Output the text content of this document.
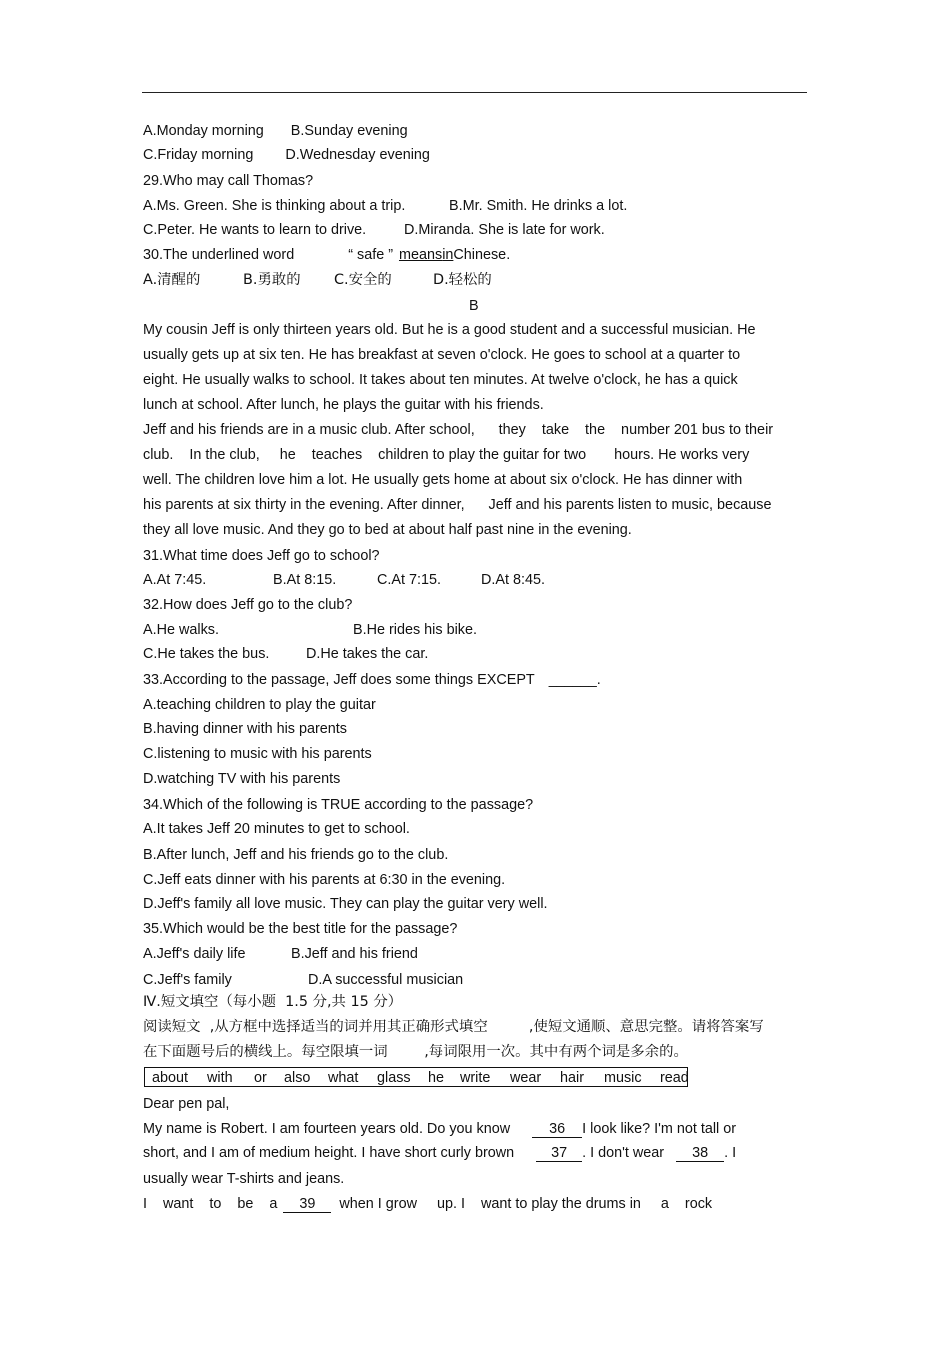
A.Monday morning B.Sunday evening
C.Friday morning D.Wednesday evening
29.Who may call Thomas?
A.Ms. Green. She is thinking about a trip.	B.Mr. Smith. He drinks a lot.
C.Peter. He wants to learn to drive.	D.Miranda. She is late for work.
30.The underlined word	“ safe ” meansinChinese.
A.清醒的	B.勇敢的 C.安全的	D.轻松的
B
My cousin Jeff is only thirteen years old. But he is a good student and a successful musician. He
usually gets up at six ten. He has breakfast at seven o'clock. He goes to school at a quarter to
eight. He usually walks to school. It takes about ten minutes. At twelve o'clock, he has a quick
lunch at school. After lunch, he plays the guitar with his friends.
Jeff and his friends are in a music club. After school,      they    take    the    number 201 bus to their
club.    In the club,     he    teaches    children to play the guitar for two       hours. He works very
well. The children love him a lot. He usually gets home at about six o'clock. He has dinner with
his parents at six thirty in the evening. After dinner,      Jeff and his parents listen to music, because
they all love music. And they go to bed at about half past nine in the evening.
31.What time does Jeff go to school?
A.At 7:45.	B.At 8:15.	C.At 7:15.	D.At 8:45.
32.How does Jeff go to the club?
A.He walks.	B.He rides his bike.
C.He takes the bus.	D.He takes the car.
33.According to the passage, Jeff does some things EXCEPT ______.
A.teaching children to play the guitar
B.having dinner with his parents
C.listening to music with his parents
D.watching TV with his parents
34.Which of the following is TRUE according to the passage?
A.It takes Jeff 20 minutes to get to school.
B.After lunch, Jeff and his friends go to the club.
C.Jeff eats dinner with his parents at 6:30 in the evening.
D.Jeff's family all love music. They can play the guitar very well.
35.Which would be the best title for the passage?
A.Jeff's daily life	B.Jeff and his friend
C.Jeff's family	D.A successful musician
Ⅳ.短文填空（每小题  1.5 分,共 15 分）
阅读短文  ,从方框中选择适当的词并用其正确形式填空         ,使短文通顺、意思完整。请将答案写
在下面题号后的横线上。每空限填一词        ,每词限用一次。其中有两个词是多余的。
about with or also what glass he write wear hair music read
Dear pen pal,
My name is Robert. I am fourteen years old. Do you know	36 I look like? I'm not tall or
short, and I am of medium height. I have short curly brown	37 . I don't wear 38 . I
usually wear T-shirts and jeans.
I    want    to    be    a 39 when I grow     up. I    want to play the drums in     a    rock
